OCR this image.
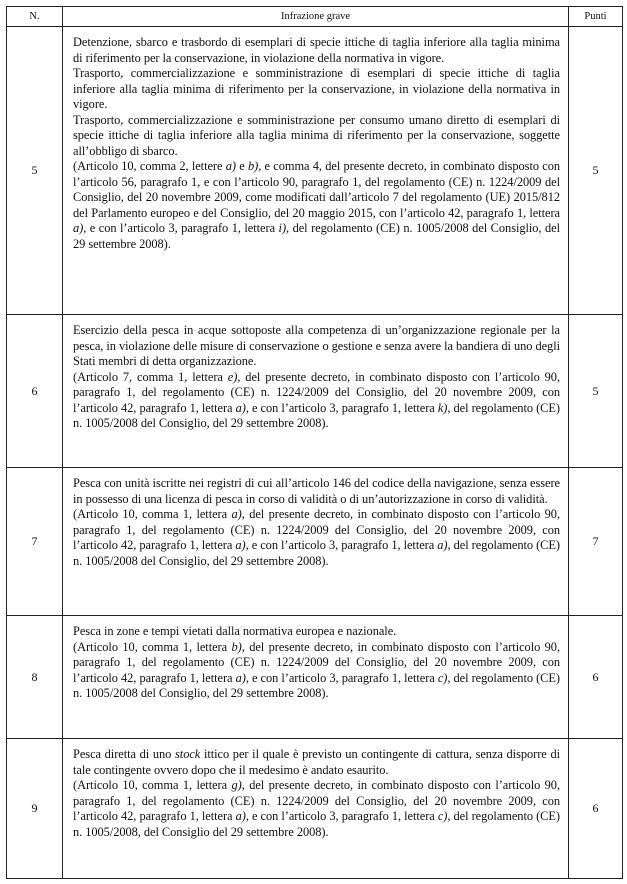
N.	Infrazione grave	Punti
5	Detenzione, sbarco e trasbordo di esemplari di specie ittiche di taglia inferiore alla taglia minima di riferimento per la conservazione, in violazione della normativa in vigore.
Trasporto, commercializzazione e somministrazione di esemplari di specie ittiche di taglia inferiore alla taglia minima di riferimento per la conservazione, in violazione della normativa in vigore.
Trasporto, commercializzazione e somministrazione per consumo umano diretto di esemplari di specie ittiche di taglia inferiore alla taglia minima di riferimento per la conservazione, soggette all’obbligo di sbarco.
(Articolo 10, comma 2, lettere a) e b), e comma 4, del presente decreto, in combinato disposto con l’articolo 56, paragrafo 1, e con l’articolo 90, paragrafo 1, del regolamento (CE) n. 1224/2009 del Consiglio, del 20 novembre 2009, come modificati dall’articolo 7 del regolamento (UE) 2015/812 del Parlamento europeo e del Consiglio, del 20 maggio 2015, con l’articolo 42, paragrafo 1, lettera a), e con l’articolo 3, paragrafo 1, lettera i), del regolamento (CE) n. 1005/2008 del Consiglio, del 29 settembre 2008).	5
6	Esercizio della pesca in acque sottoposte alla competenza di un’organizzazione regionale per la pesca, in violazione delle misure di conservazione o gestione e senza avere la bandiera di uno degli Stati membri di detta organizzazione.
(Articolo 7, comma 1, lettera e), del presente decreto, in combinato disposto con l’articolo 90, paragrafo 1, del regolamento (CE) n. 1224/2009 del Consiglio, del 20 novembre 2009, con l’articolo 42, paragrafo 1, lettera a), e con l’articolo 3, paragrafo 1, lettera k), del regolamento (CE) n. 1005/2008 del Consiglio, del 29 settembre 2008).	5
7	Pesca con unità iscritte nei registri di cui all’articolo 146 del codice della navigazione, senza essere in possesso di una licenza di pesca in corso di validità o di un’autorizzazione in corso di validità.
(Articolo 10, comma 1, lettera a), del presente decreto, in combinato disposto con l’articolo 90, paragrafo 1, del regolamento (CE) n. 1224/2009 del Consiglio, del 20 novembre 2009, con l’articolo 42, paragrafo 1, lettera a), e con l’articolo 3, paragrafo 1, lettera a), del regolamento (CE) n. 1005/2008 del Consiglio, del 29 settembre 2008).	7
8	Pesca in zone e tempi vietati dalla normativa europea e nazionale.
(Articolo 10, comma 1, lettera b), del presente decreto, in combinato disposto con l’articolo 90, paragrafo 1, del regolamento (CE) n. 1224/2009 del Consiglio, del 20 novembre 2009, con l’articolo 42, paragrafo 1, lettera a), e con l’articolo 3, paragrafo 1, lettera c), del regolamento (CE) n. 1005/2008 del Consiglio, del 29 settembre 2008).	6
9	Pesca diretta di uno stock ittico per il quale è previsto un contingente di cattura, senza disporre di tale contingente ovvero dopo che il medesimo è andato esaurito.
(Articolo 10, comma 1, lettera g), del presente decreto, in combinato disposto con l’articolo 90, paragrafo 1, del regolamento (CE) n. 1224/2009 del Consiglio, del 20 novembre 2009, con l’articolo 42, paragrafo 1, lettera a), e con l’articolo 3, paragrafo 1, lettera c), del regolamento (CE) n. 1005/2008, del Consiglio del 29 settembre 2008).	6
